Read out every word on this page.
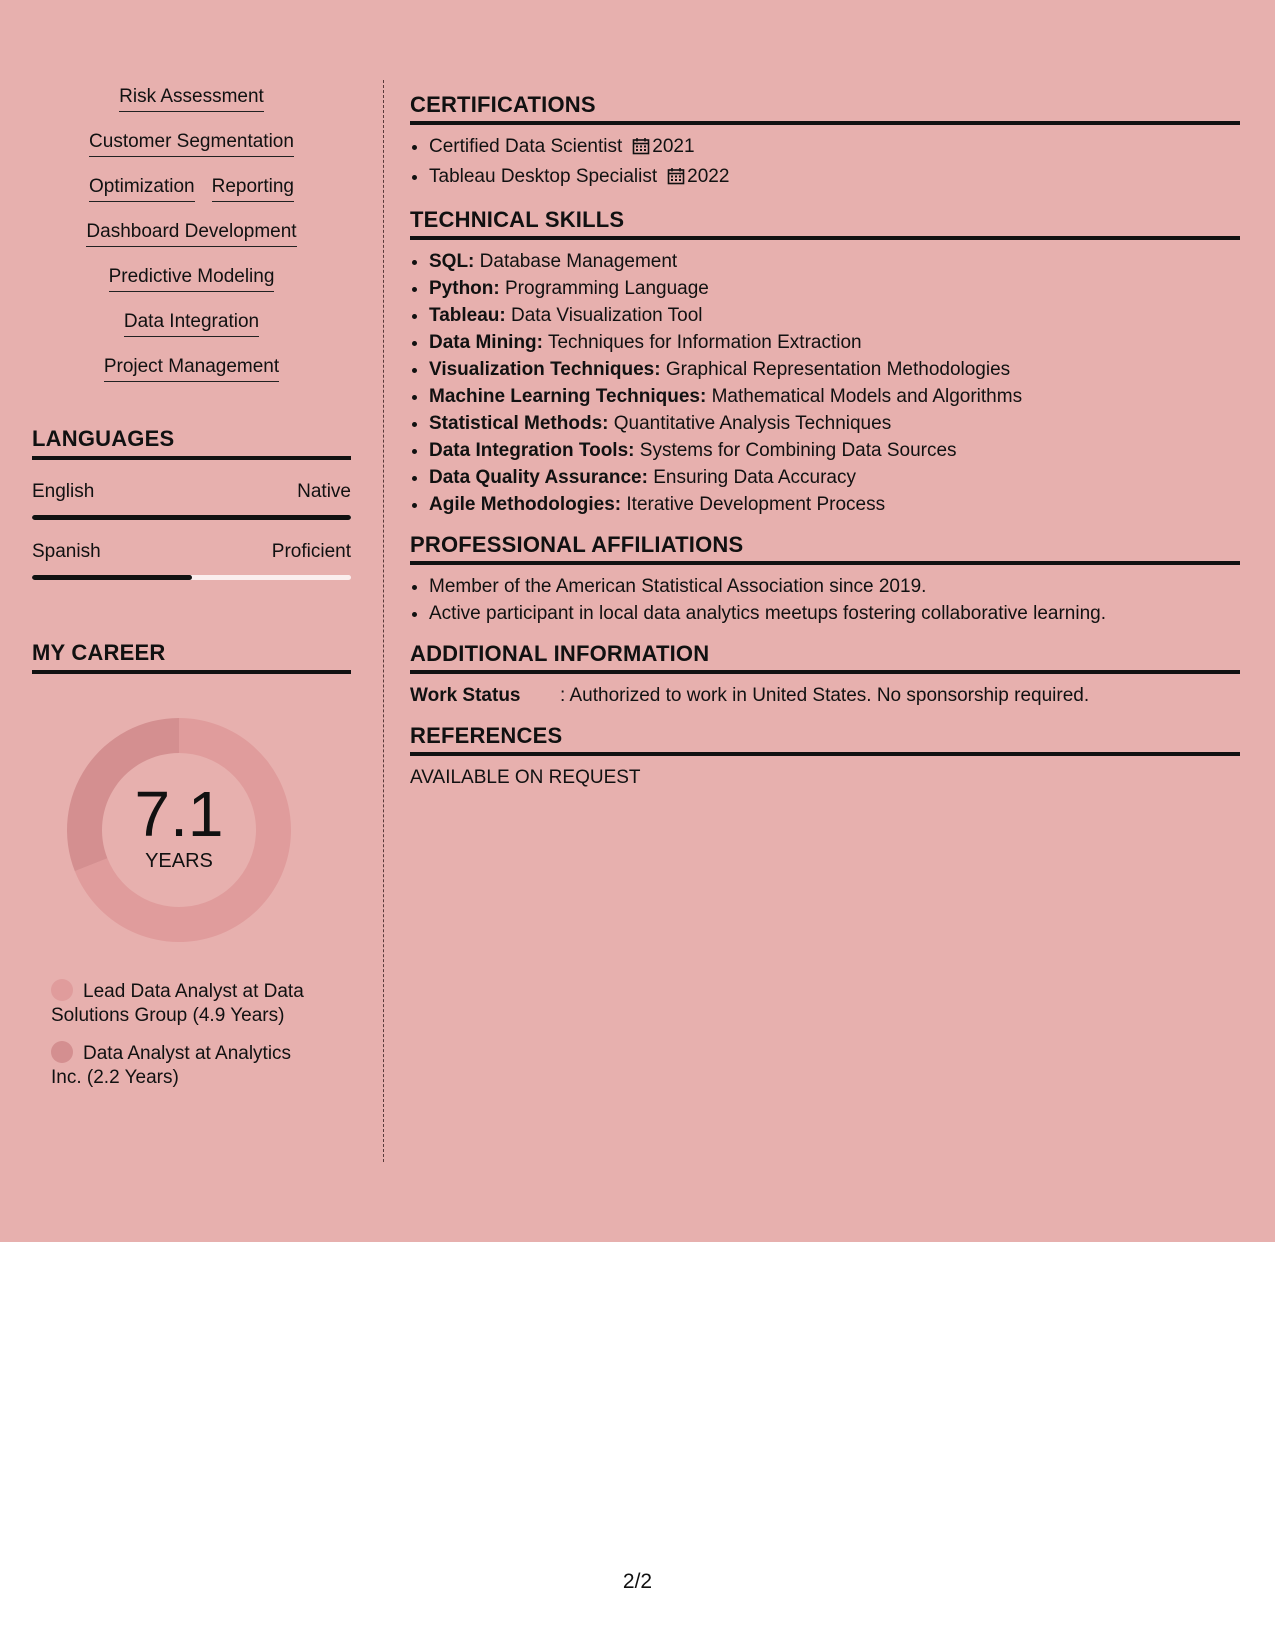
Risk Assessment
Customer Segmentation
Optimization Reporting
Dashboard Development
Predictive Modeling
Data Integration
Project Management
LANGUAGES
English	Native
Spanish	Proficient
MY CAREER
7.1
YEARS
Lead Data Analyst at Data Solutions Group (4.9 Years)
Data Analyst at Analytics Inc. (2.2 Years)
CERTIFICATIONS
• Certified Data Scientist 2021
• Tableau Desktop Specialist 2022
TECHNICAL SKILLS
• SQL: Database Management
• Python: Programming Language
• Tableau: Data Visualization Tool
• Data Mining: Techniques for Information Extraction
• Visualization Techniques: Graphical Representation Methodologies
• Machine Learning Techniques: Mathematical Models and Algorithms
• Statistical Methods: Quantitative Analysis Techniques
• Data Integration Tools: Systems for Combining Data Sources
• Data Quality Assurance: Ensuring Data Accuracy
• Agile Methodologies: Iterative Development Process
PROFESSIONAL AFFILIATIONS
• Member of the American Statistical Association since 2019.
• Active participant in local data analytics meetups fostering collaborative learning.
ADDITIONAL INFORMATION
Work Status	: Authorized to work in United States. No sponsorship required.
REFERENCES
AVAILABLE ON REQUEST
2/2
